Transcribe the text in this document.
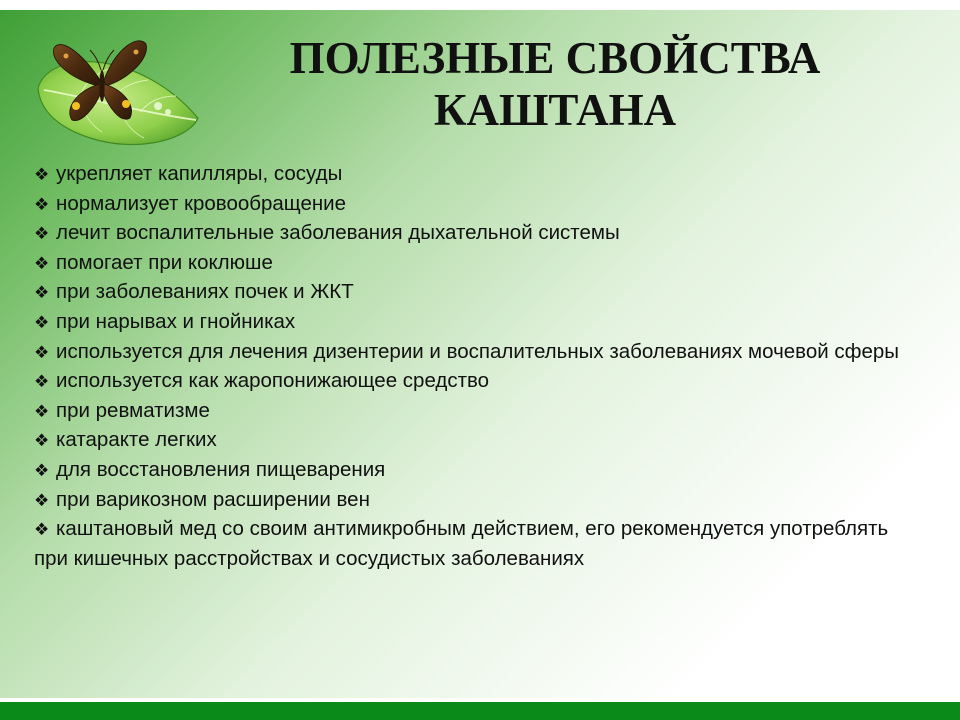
ПОЛЕЗНЫЕ СВОЙСТВА
КАШТАНА
❖ укрепляет капилляры, сосуды
❖ нормализует кровообращение
❖ лечит воспалительные заболевания дыхательной системы
❖ помогает при коклюше
❖ при заболеваниях почек и ЖКТ
❖ при нарывах и гнойниках
❖ используется для лечения дизентерии и воспалительных заболеваниях мочевой сферы
❖ используется как жаропонижающее средство
❖ при ревматизме
❖ катаракте легких
❖ для восстановления пищеварения
❖ при варикозном расширении вен
❖ каштановый мед со своим антимикробным действием, его рекомендуется употреблять при кишечных расстройствах и сосудистых заболеваниях
